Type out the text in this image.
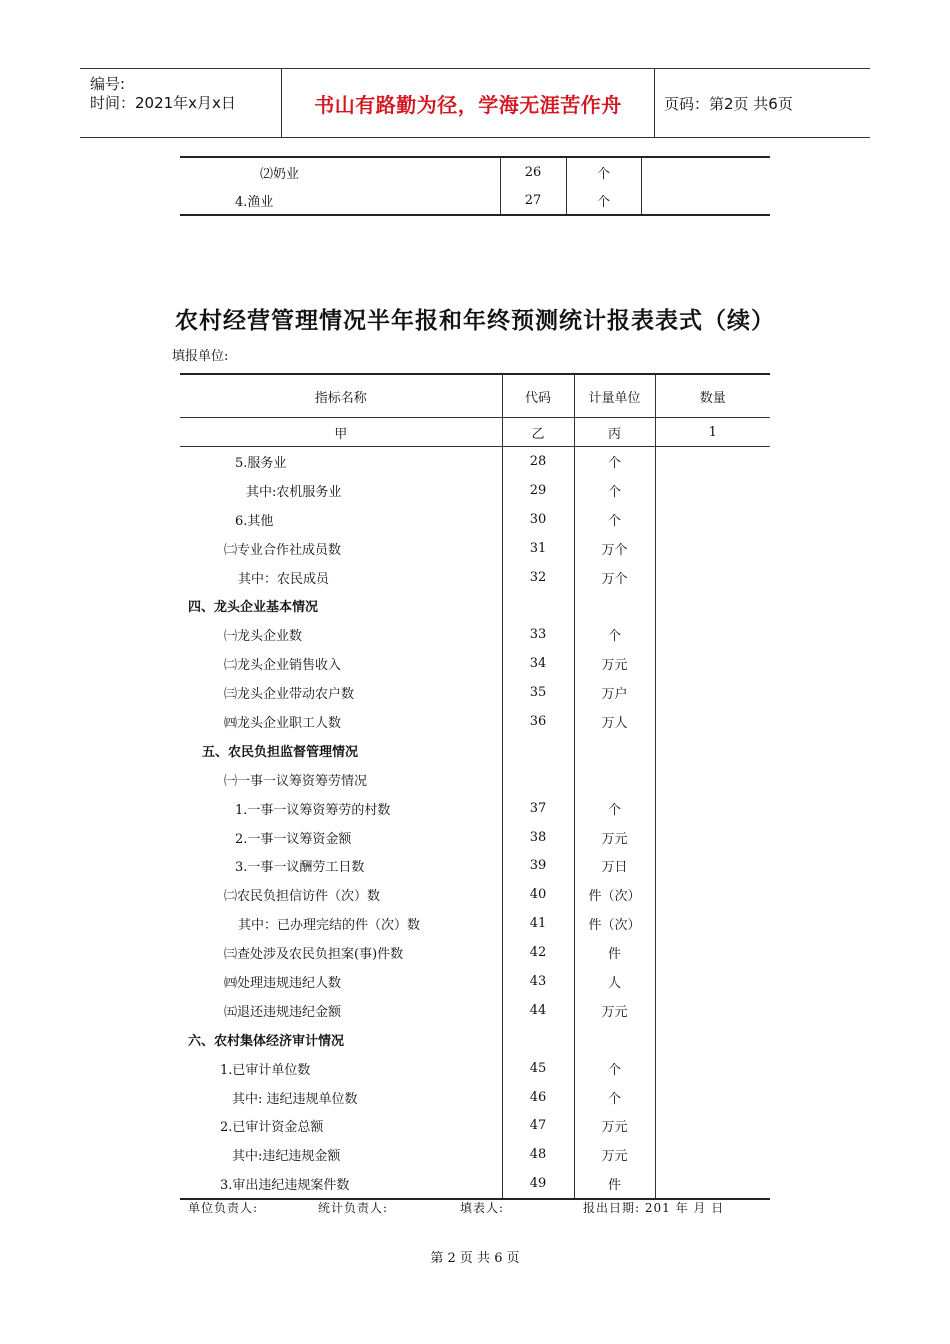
编号:
时间：2021年x月x日	书山有路勤为径，学海无涯苦作舟	页码：第2页 共6页
⑵奶业	26	个	
4.渔业	27	个	
农村经营管理情况半年报和年终预测统计报表表式（续）
填报单位:
指标名称	代码	计量单位	数量
甲	乙	丙	1
5.服务业	28	个	
其中:农机服务业	29	个	
6.其他	30	个	
㈡专业合作社成员数	31	万个	
其中：农民成员	32	万个	
四、龙头企业基本情况			
㈠龙头企业数	33	个	
㈡龙头企业销售收入	34	万元	
㈢龙头企业带动农户数	35	万户	
㈣龙头企业职工人数	36	万人	
五、农民负担监督管理情况			
㈠一事一议筹资筹劳情况			
1.一事一议筹资筹劳的村数	37	个	
2.一事一议筹资金额	38	万元	
3.一事一议酬劳工日数	39	万日	
㈡农民负担信访件（次）数	40	件（次）	
其中：已办理完结的件（次）数	41	件（次）	
㈢查处涉及农民负担案(事)件数	42	件	
㈣处理违规违纪人数	43	人	
㈤退还违规违纪金额	44	万元	
六、农村集体经济审计情况			
1.已审计单位数	45	个	
其中: 违纪违规单位数	46	个	
2.已审计资金总额	47	万元	
其中:违纪违规金额	48	万元	
3.审出违纪违规案件数	49	件	
单位负责人:	统计负责人:	填表人:	报出日期: 201 年 月 日
第 2 页 共 6 页
